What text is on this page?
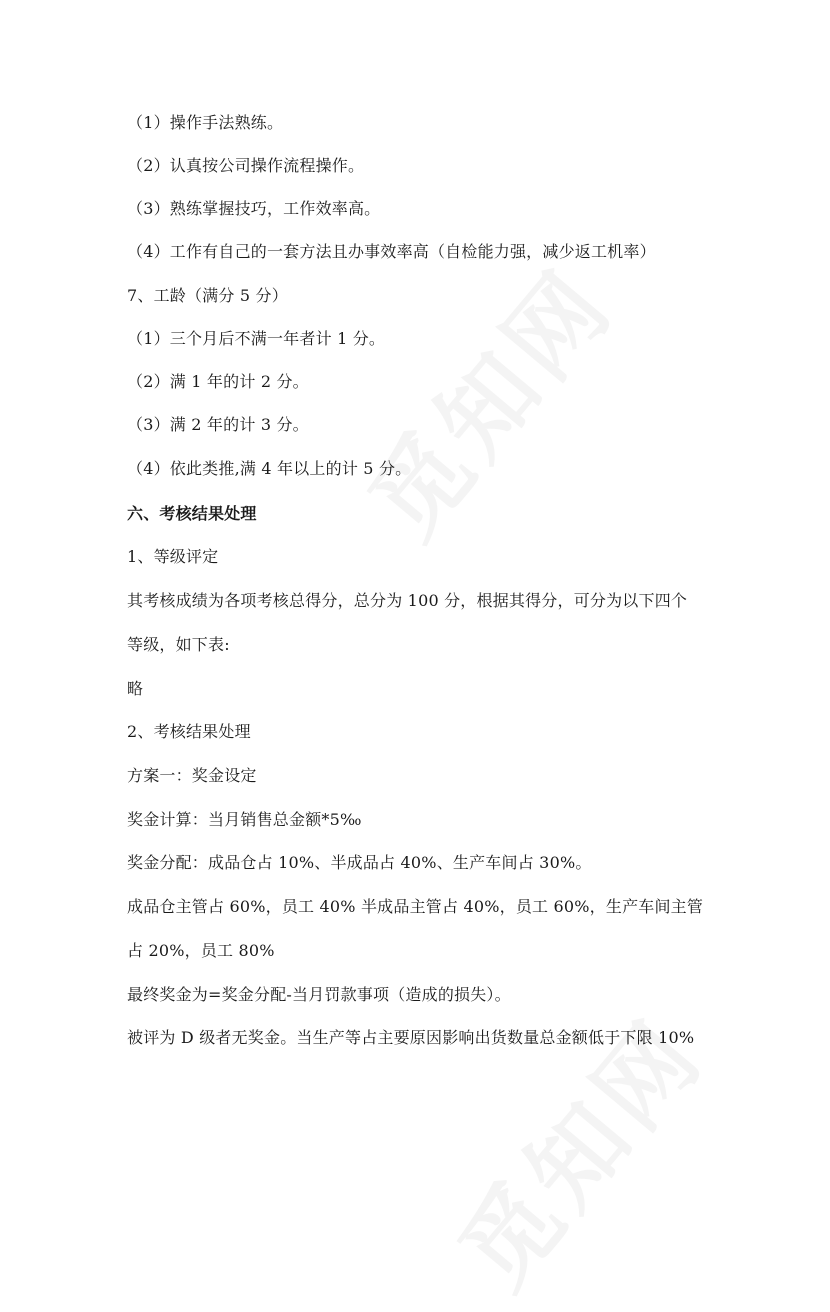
（1）操作手法熟练。
（2）认真按公司操作流程操作。
（3）熟练掌握技巧，工作效率高。
（4）工作有自己的一套方法且办事效率高（自检能力强，减少返工机率）
7、工龄（满分 5 分）
（1）三个月后不满一年者计 1 分。
（2）满 1 年的计 2 分。
（3）满 2 年的计 3 分。
（4）依此类推,满 4 年以上的计 5 分。
六、考核结果处理
1、等级评定
其考核成绩为各项考核总得分，总分为 100 分，根据其得分，可分为以下四个
等级，如下表:
略
2、考核结果处理
方案一：奖金设定
奖金计算：当月销售总金额*5‰
奖金分配：成品仓占 10%、半成品占 40%、生产车间占 30%。
成品仓主管占 60%，员工 40% 半成品主管占 40%，员工 60%，生产车间主管
占 20%，员工 80%
最终奖金为=奖金分配-当月罚款事项（造成的损失）。
被评为 D 级者无奖金。当生产等占主要原因影响出货数量总金额低于下限 10%
